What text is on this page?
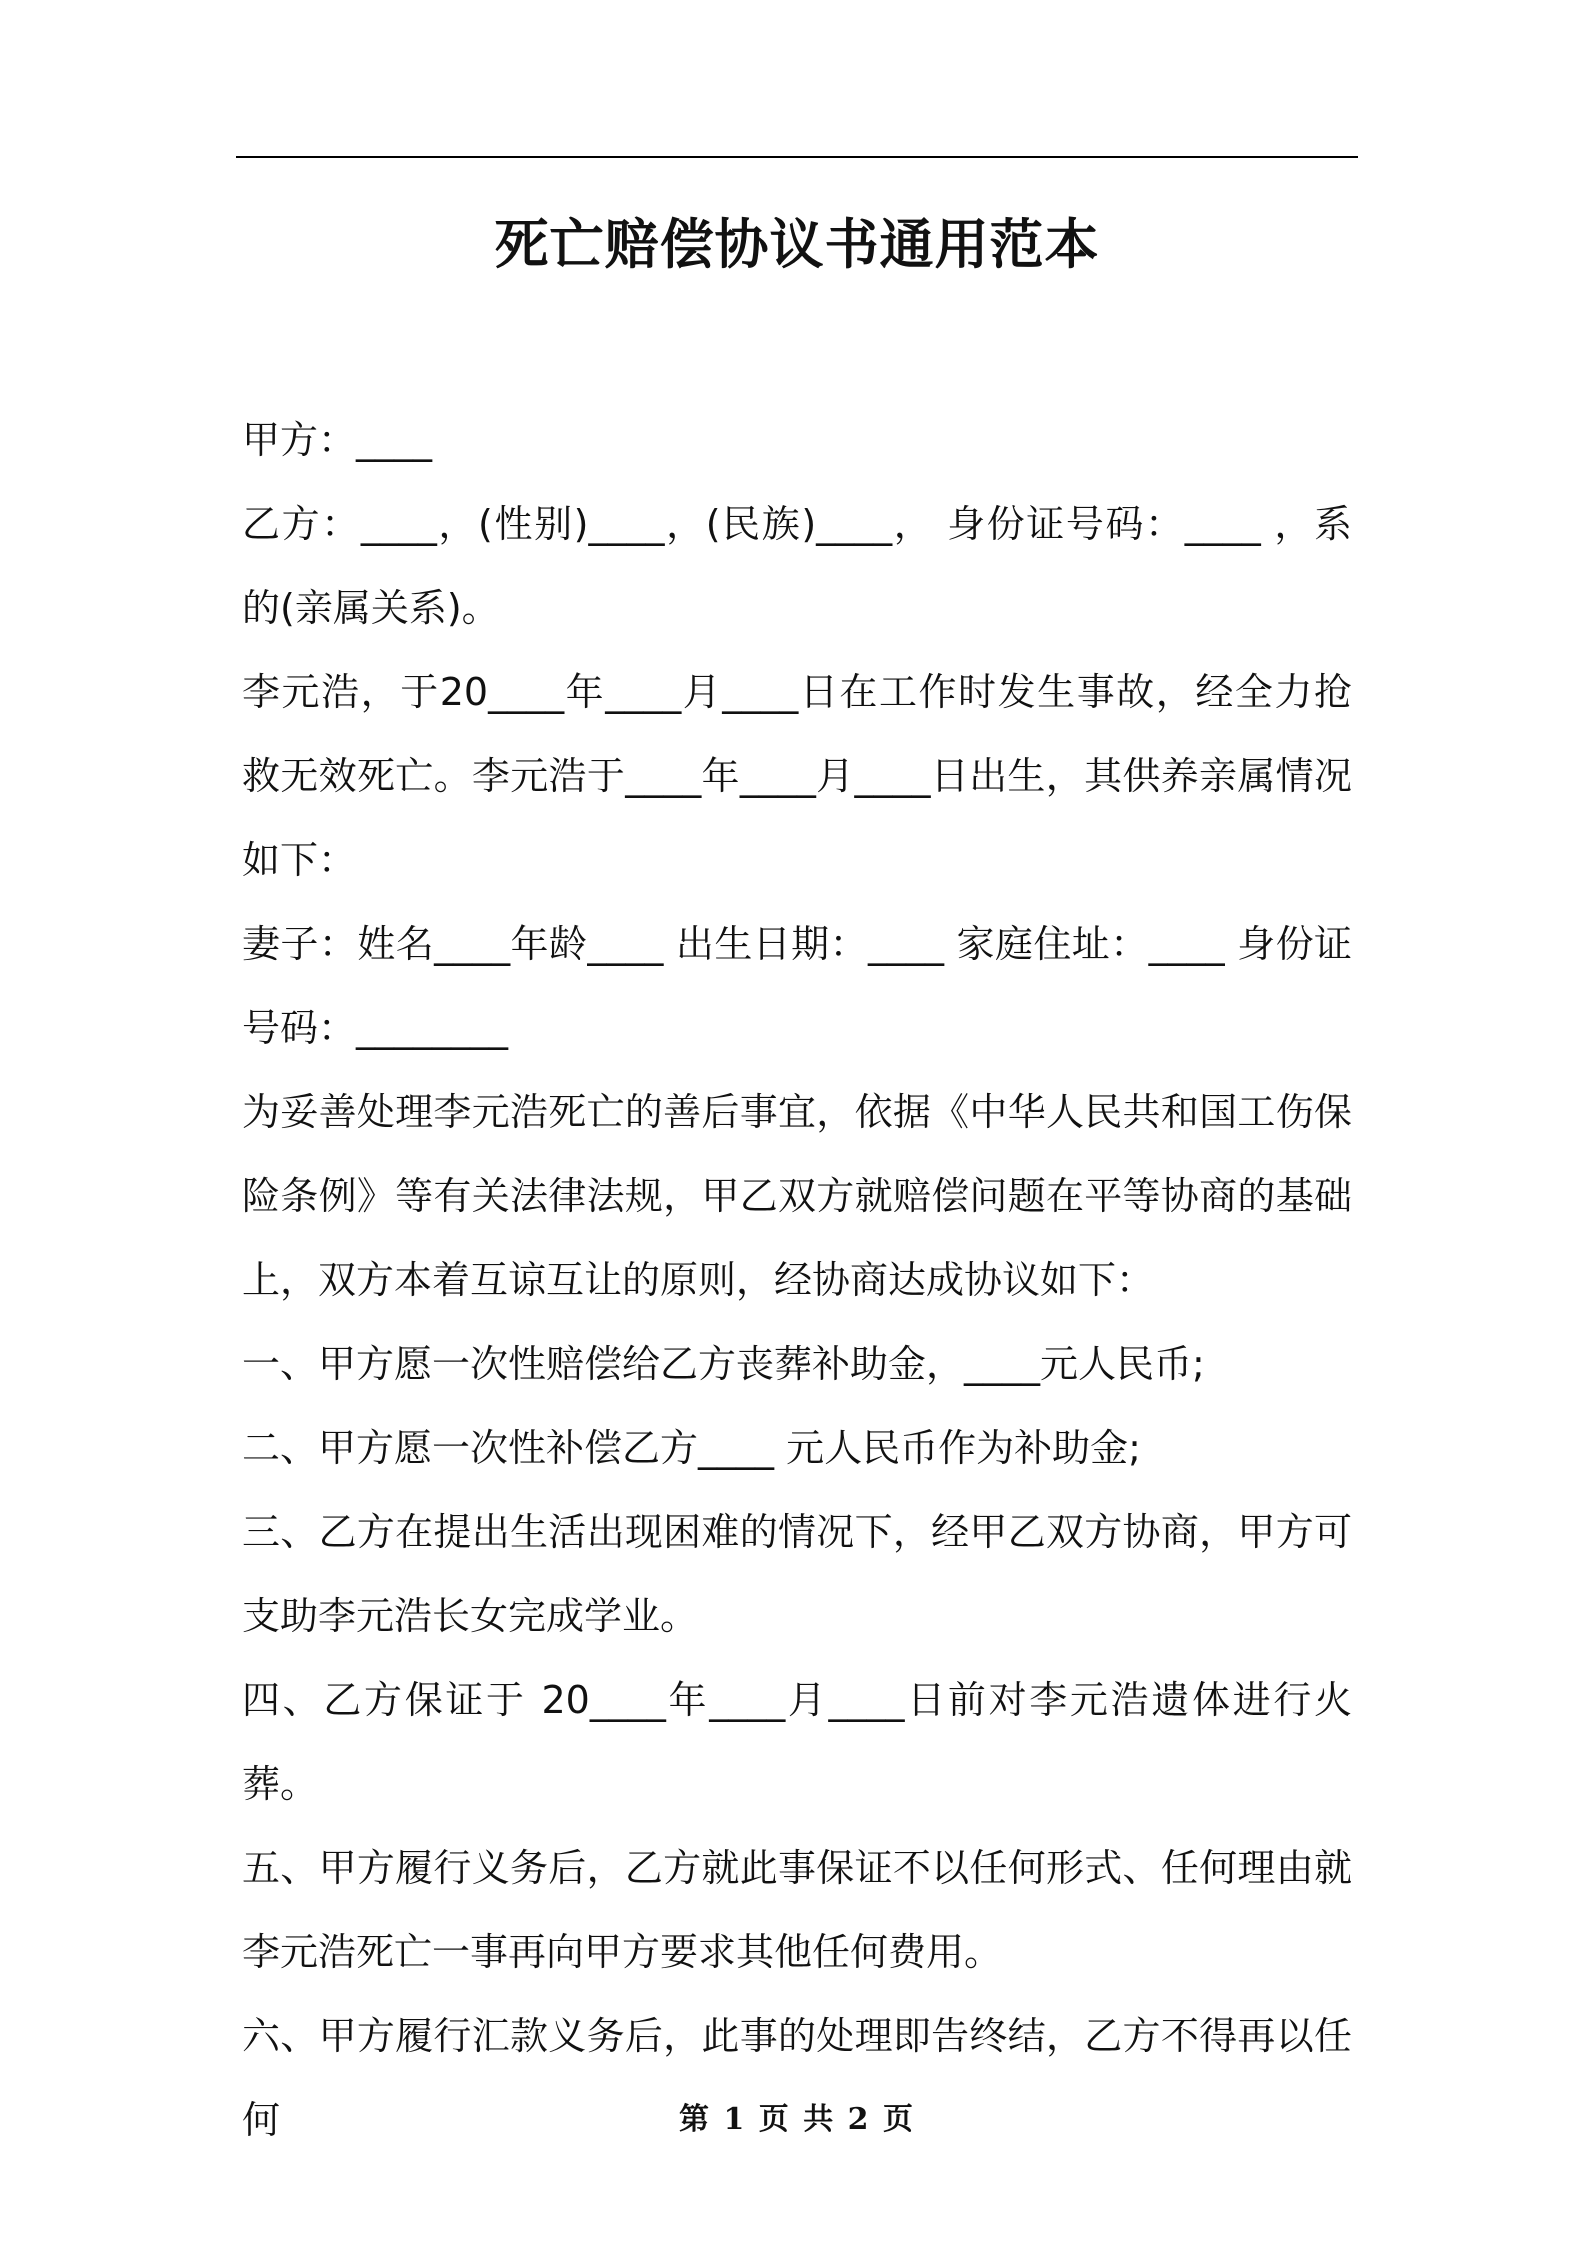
死亡赔偿协议书通用范本

甲方：____

乙方：____，(性别)____，(民族)____， 身份证号码：____ ，系 的(亲属关系)。

李元浩，于20____年____月____日在工作时发生事故，经全力抢救无效死亡。李元浩于____年____月____日出生，其供养亲属情况如下：

妻子：姓名____年龄____ 出生日期：____ 家庭住址：____ 身份证号码：________

为妥善处理李元浩死亡的善后事宜，依据《中华人民共和国工伤保险条例》等有关法律法规，甲乙双方就赔偿问题在平等协商的基础上，双方本着互谅互让的原则，经协商达成协议如下：

一、甲方愿一次性赔偿给乙方丧葬补助金，____元人民币;

二、甲方愿一次性补偿乙方____ 元人民币作为补助金;

三、乙方在提出生活出现困难的情况下，经甲乙双方协商，甲方可支助李元浩长女完成学业。

四、乙方保证于 20____年____月____日前对李元浩遗体进行火葬。

五、甲方履行义务后，乙方就此事保证不以任何形式、任何理由就李元浩死亡一事再向甲方要求其他任何费用。

六、甲方履行汇款义务后，此事的处理即告终结，乙方不得再以任何	第 1 页 共 2 页
